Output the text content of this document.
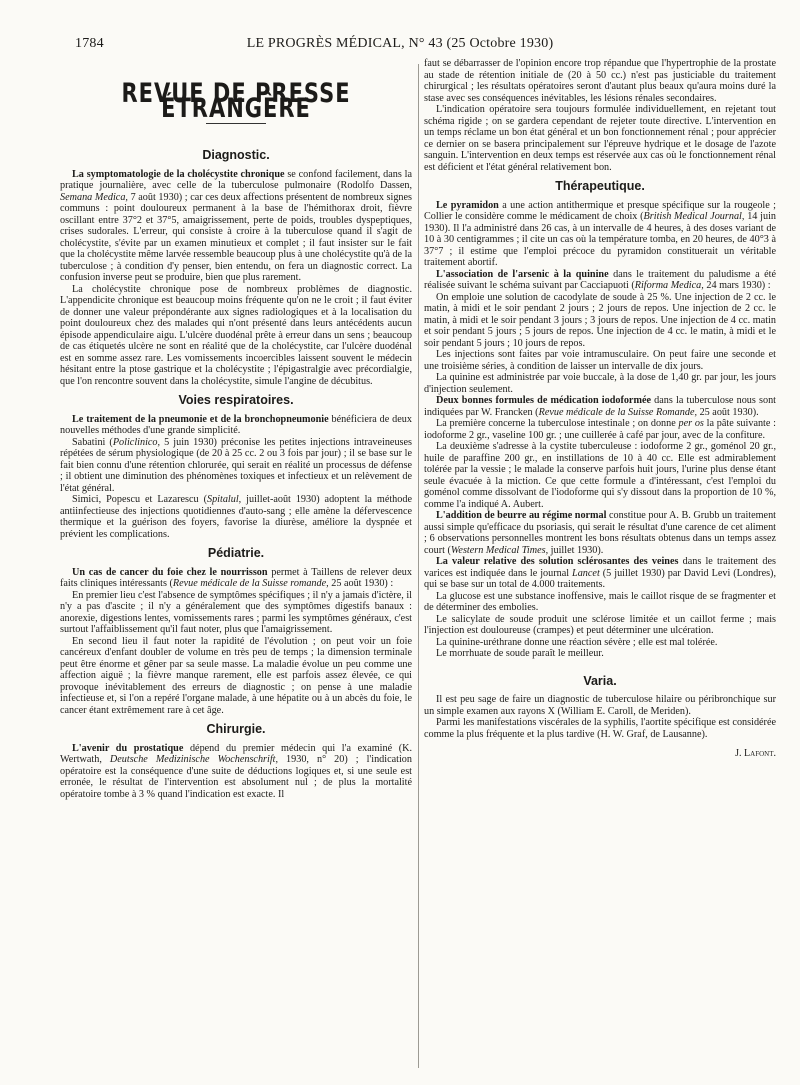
1784	LE PROGRÈS MÉDICAL, N° 43 (25 Octobre 1930)
REVUE DE PRESSE ÉTRANGÈRE
Diagnostic.

La symptomatologie de la cholécystite chronique se confond facilement, dans la pratique journalière, avec celle de la tuberculose pulmonaire (Rodolfo Dassen, Semana Medica, 7 août 1930) ; car ces deux affections présentent de nombreux signes communs : point douloureux permanent à la base de l'hémithorax droit, fièvre oscillant entre 37°2 et 37°5, amaigrissement, perte de poids, troubles dyspeptiques, crises sudorales. L'erreur, qui consiste à croire à la tuberculose quand il s'agit de cholécystite, s'évite par un examen minutieux et complet ; il faut insister sur le fait que la cholécystite même larvée ressemble beaucoup plus à une cholécystite qu'à de la tuberculose ; à condition d'y penser, bien entendu, on fera un diagnostic correct. La confusion inverse peut se produire, bien que plus rarement.

La cholécystite chronique pose de nombreux problèmes de diagnostic. L'appendicite chronique est beaucoup moins fréquente qu'on ne le croit ; il faut éviter de donner une valeur prépondérante aux signes radiologiques et à la localisation du point douloureux chez des malades qui n'ont présenté dans leurs antécédents aucun épisode appendiculaire aigu. L'ulcère duodénal prête à erreur dans un sens ; beaucoup de cas étiquetés ulcère ne sont en réalité que de la cholécystite, car l'ulcère duodénal est en somme assez rare. Les vomissements incoercibles laissent souvent le médecin hésitant entre la ptose gastrique et la cholécystite ; l'épigastralgie avec précordialgie, que l'on rencontre souvent dans la cholécystite, simule l'angine de décubitus.

Voies respiratoires.

Le traitement de la pneumonie et de la bronchopneumonie bénéficiera de deux nouvelles méthodes d'une grande simplicité.

Sabatini (Policlinico, 5 juin 1930) préconise les petites injections intraveineuses répétées de sérum physiologique (de 20 à 25 cc. 2 ou 3 fois par jour) ; il se base sur le fait bien connu d'une rétention chlorurée, qui serait en réalité un processus de défense ; il obtient une diminution des phénomènes toxiques et infectieux et un relèvement de l'état général.

Simici, Popescu et Lazarescu (Spitalul, juillet-août 1930) adoptent la méthode antiinfectieuse des injections quotidiennes d'auto-sang ; elle amène la défervescence thermique et la guérison des foyers, favorise la diurèse, améliore la dyspnée et prévient les complications.

Pédiatrie.

Un cas de cancer du foie chez le nourrisson permet à Taillens de relever deux faits cliniques intéressants (Revue médicale de la Suisse romande, 25 août 1930) :

En premier lieu c'est l'absence de symptômes spécifiques ; il n'y a jamais d'ictère, il n'y a pas d'ascite ; il n'y a généralement que des symptômes digestifs banaux : anorexie, digestions lentes, vomissements rares ; parmi les symptômes généraux, c'est surtout l'affaiblissement qu'il faut noter, plus que l'amaigrissement.

En second lieu il faut noter la rapidité de l'évolution ; on peut voir un foie cancéreux d'enfant doubler de volume en très peu de temps ; la dimension terminale peut être énorme et gêner par sa seule masse. La maladie évolue un peu comme une affection aiguë ; la fièvre manque rarement, elle est parfois assez élevée, ce qui provoque inévitablement des erreurs de diagnostic ; on pense à une maladie infectieuse et, si l'on a repéré l'organe malade, à une hépatite ou à un abcès du foie, le cancer étant extrêmement rare à cet âge.

Chirurgie.

L'avenir du prostatique dépend du premier médecin qui l'a examiné (K. Wertwath, Deutsche Medizinische Wochenschrift, 1930, n° 20) ; l'indication opératoire est la conséquence d'une suite de déductions logiques et, si une seule est erronée, le résultat de l'intervention est absolument nul ; de plus la mortalité opératoire tombe à 3 % quand l'indication est exacte. Il

faut se débarrasser de l'opinion encore trop répandue que l'hypertrophie de la prostate au stade de rétention initiale de (20 à 50 cc.) n'est pas justiciable du traitement chirurgical ; les résultats opératoires seront d'autant plus beaux qu'aura moins duré la stase avec ses conséquences inévitables, les lésions rénales secondaires.

L'indication opératoire sera toujours formulée individuellement, en rejetant tout schéma rigide ; on se gardera cependant de rejeter toute directive. L'intervention en un temps réclame un bon état général et un bon fonctionnement rénal ; pour apprécier ce dernier on se basera principalement sur l'épreuve hydrique et le dosage de l'azote sanguin. L'intervention en deux temps est réservée aux cas où le fonctionnement rénal est déficient et l'état général relativement bon.

Thérapeutique.

Le pyramidon a une action antithermique et presque spécifique sur la rougeole ; Collier le considère comme le médicament de choix (British Medical Journal, 14 juin 1930). Il l'a administré dans 26 cas, à un intervalle de 4 heures, à des doses variant de 10 à 30 centigrammes ; il cite un cas où la température tomba, en 20 heures, de 40°3 à 37°7 ; il estime que l'emploi précoce du pyramidon constituerait un véritable traitement abortif.

L'association de l'arsenic à la quinine dans le traitement du paludisme a été réalisée suivant le schéma suivant par Cacciapuoti (Riforma Medica, 24 mars 1930) :

On emploie une solution de cacodylate de soude à 25 %. Une injection de 2 cc. le matin, à midi et le soir pendant 2 jours ; 2 jours de repos. Une injection de 2 cc. le matin, à midi et le soir pendant 3 jours ; 3 jours de repos. Une injection de 4 cc. matin et soir pendant 5 jours ; 5 jours de repos. Une injection de 4 cc. le matin, à midi et le soir pendant 5 jours ; 10 jours de repos.

Les injections sont faites par voie intramusculaire. On peut faire une seconde et une troisième séries, à condition de laisser un intervalle de dix jours.

La quinine est administrée par voie buccale, à la dose de 1,40 gr. par jour, les jours d'injection seulement.

Deux bonnes formules de médication iodoformée dans la tuberculose nous sont indiquées par W. Francken (Revue médicale de la Suisse Romande, 25 août 1930).

La première concerne la tuberculose intestinale ; on donne per os la pâte suivante : iodoforme 2 gr., vaseline 100 gr. ; une cuillerée à café par jour, avec de la confiture.

La deuxième s'adresse à la cystite tuberculeuse : iodoforme 2 gr., goménol 20 gr., huile de paraffine 200 gr., en instillations de 10 à 40 cc. Elle est admirablement tolérée par la vessie ; le malade la conserve parfois huit jours, l'urine plus dense étant seule évacuée à la miction. Ce que cette formule a d'intéressant, c'est l'emploi du goménol comme dissolvant de l'iodoforme qui s'y dissout dans la proportion de 10 %, comme l'a indiqué A. Aubert.

L'addition de beurre au régime normal constitue pour A. B. Grubb un traitement aussi simple qu'efficace du psoriasis, qui serait le résultat d'une carence de cet aliment ; 6 observations personnelles montrent les bons résultats obtenus dans un temps assez court (Western Medical Times, juillet 1930).

La valeur relative des solution sclérosantes des veines dans le traitement des varices est indiquée dans le journal Lancet (5 juillet 1930) par David Levi (Londres), qui se base sur un total de 4.000 traitements.

La glucose est une substance inoffensive, mais le caillot risque de se fragmenter et de déterminer des embolies.

Le salicylate de soude produit une sclérose limitée et un caillot ferme ; mais l'injection est douloureuse (crampes) et peut déterminer une ulcération.

La quinine-uréthrane donne une réaction sévère ; elle est mal tolérée.

Le morrhuate de soude paraît le meilleur.

Varia.

Il est peu sage de faire un diagnostic de tuberculose hilaire ou péribronchique sur un simple examen aux rayons X (William E. Caroll, de Meriden).

Parmi les manifestations viscérales de la syphilis, l'aortite spécifique est considérée comme la plus fréquente et la plus tardive (H. W. Graf, de Lausanne).

J. Lafont.
